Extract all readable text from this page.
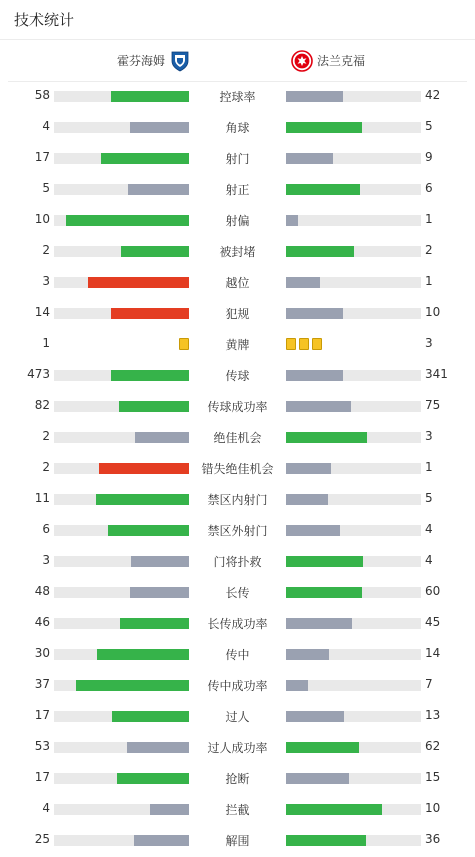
技术统计
霍芬海姆	法兰克福
58	控球率	42
4	角球	5
17	射门	9
5	射正	6
10	射偏	1
2	被封堵	2
3	越位	1
14	犯规	10
1	黄牌	3
473	传球	341
82	传球成功率	75
2	绝佳机会	3
2	错失绝佳机会	1
11	禁区内射门	5
6	禁区外射门	4
3	门将扑救	4
48	长传	60
46	长传成功率	45
30	传中	14
37	传中成功率	7
17	过人	13
53	过人成功率	62
17	抢断	15
4	拦截	10
25	解围	36
